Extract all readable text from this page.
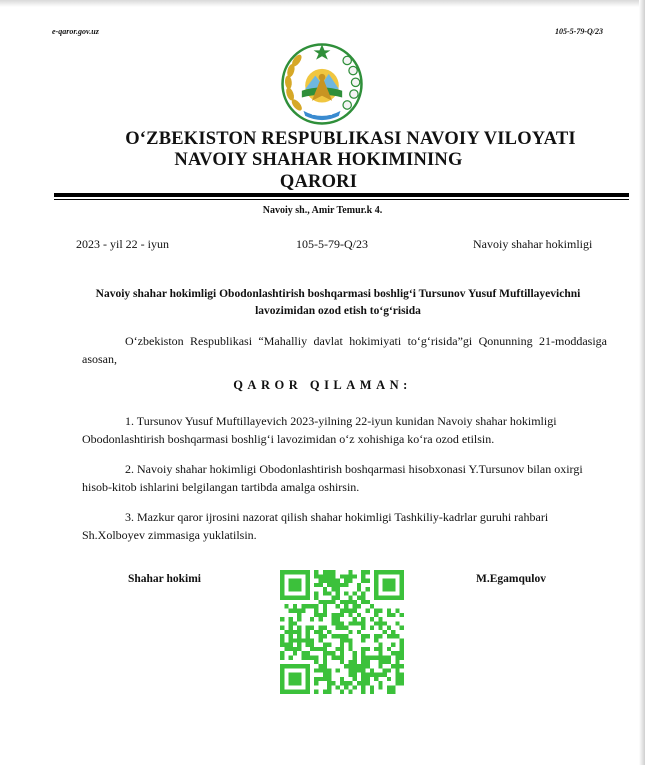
e-qaror.gov.uz	105-5-79-Q/23
O‘ZBEKISTON RESPUBLIKASI NAVOIY VILOYATI
NAVOIY SHAHAR HOKIMINING
QARORI
Navoiy sh., Amir Temur.k 4.
2023 - yil 22 - iyun	105-5-79-Q/23	Navoiy shahar hokimligi
Navoiy shahar hokimligi Obodonlashtirish boshqarmasi boshlig‘i Tursunov Yusuf Muftillayevichni lavozimidan ozod etish to‘g‘risida
O‘zbekiston Respublikasi “Mahalliy davlat hokimiyati to‘g‘risida”gi Qonunning 21-moddasiga asosan,
QAROR QILAMAN:
1. Tursunov Yusuf Muftillayevich 2023-yilning 22-iyun kunidan Navoiy shahar hokimligi Obodonlashtirish boshqarmasi boshlig‘i lavozimidan o‘z xohishiga ko‘ra ozod etilsin.
2. Navoiy shahar hokimligi Obodonlashtirish boshqarmasi hisobxonasi Y.Tursunov bilan oxirgi hisob-kitob ishlarini belgilangan tartibda amalga oshirsin.
3. Mazkur qaror ijrosini nazorat qilish shahar hokimligi Tashkiliy-kadrlar guruhi rahbari Sh.Xolboyev zimmasiga yuklatilsin.
Shahar hokimi	M.Egamqulov
